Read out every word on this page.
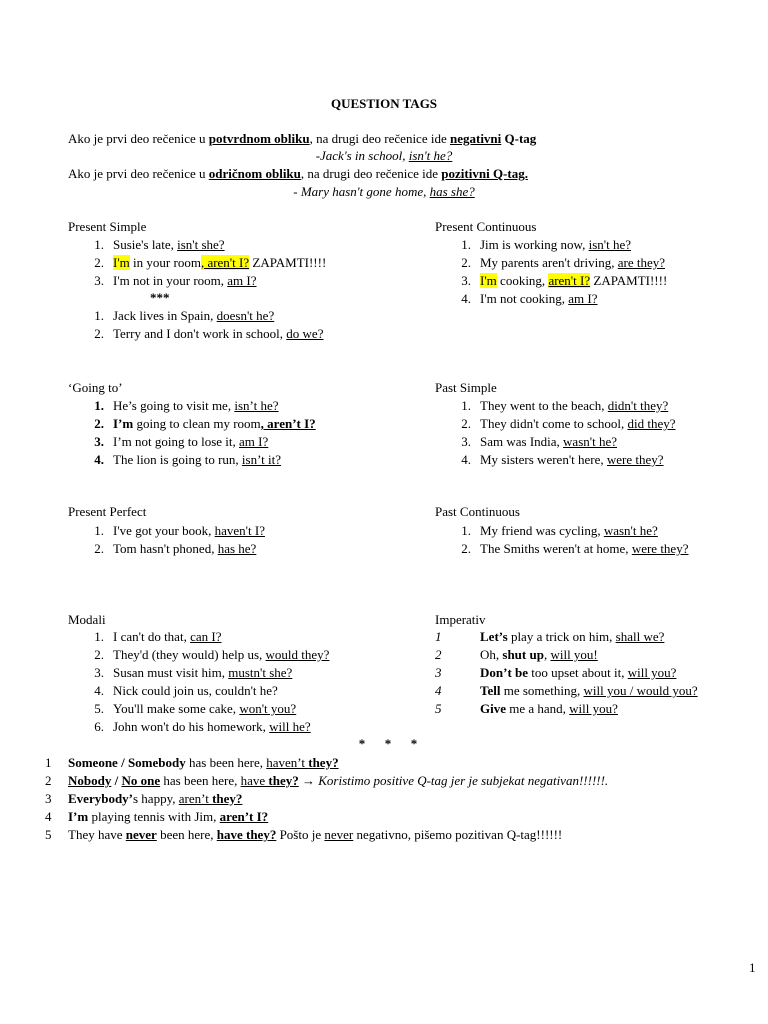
QUESTION TAGS
Ako je prvi deo rečenice u potvrdnom obliku, na drugi deo rečenice ide negativni Q-tag
-Jack's in school, isn't he?
Ako je prvi deo rečenice u odričnom obliku, na drugi deo rečenice ide pozitivni Q-tag.
- Mary hasn't gone home, has she?
Present Simple
1. Susie's late, isn't she?
2. I'm in your room, aren't I? ZAPAMTI!!!!
3. I'm not in your room, am I?
***
1. Jack lives in Spain, doesn't he?
2. Terry and I don't work in school, do we?
Present Continuous
1. Jim is working now, isn't he?
2. My parents aren't driving, are they?
3. I'm cooking, aren't I? ZAPAMTI!!!!
4. I'm not cooking, am I?
‘Going to’
1. He’s going to visit me, isn’t he?
2. I’m going to clean my room, aren’t I?
3. I’m not going to lose it, am I?
4. The lion is going to run, isn’t it?
Past Simple
1. They went to the beach, didn't they?
2. They didn't come to school, did they?
3. Sam was India, wasn't he?
4. My sisters weren't here, were they?
Present Perfect
1. I've got your book, haven't I?
2. Tom hasn't phoned, has he?
Past Continuous
1. My friend was cycling, wasn't he?
2. The Smiths weren't at home, were they?
Modali
1. I can't do that, can I?
2. They'd (they would) help us, would they?
3. Susan must visit him, mustn't she?
4. Nick could join us, couldn't he?
5. You'll make some cake, won't you?
6. John won't do his homework, will he?
Imperativ
1	Let’s play a trick on him, shall we?
2	Oh, shut up, will you!
3	Don’t be too upset about it, will you?
4	Tell me something, will you / would you?
5	Give me a hand, will you?
*      *      *
1 Someone / Somebody has been here, haven’t they?
2 Nobody / No one has been here, have they? → Koristimo positive Q-tag jer je subjekat negativan!!!!!!.
3 Everybody’s happy, aren’t they?
4 I’m playing tennis with Jim, aren’t I?
5 They have never been here, have they? Pošto je never negativno, pišemo pozitivan Q-tag!!!!!!
1
